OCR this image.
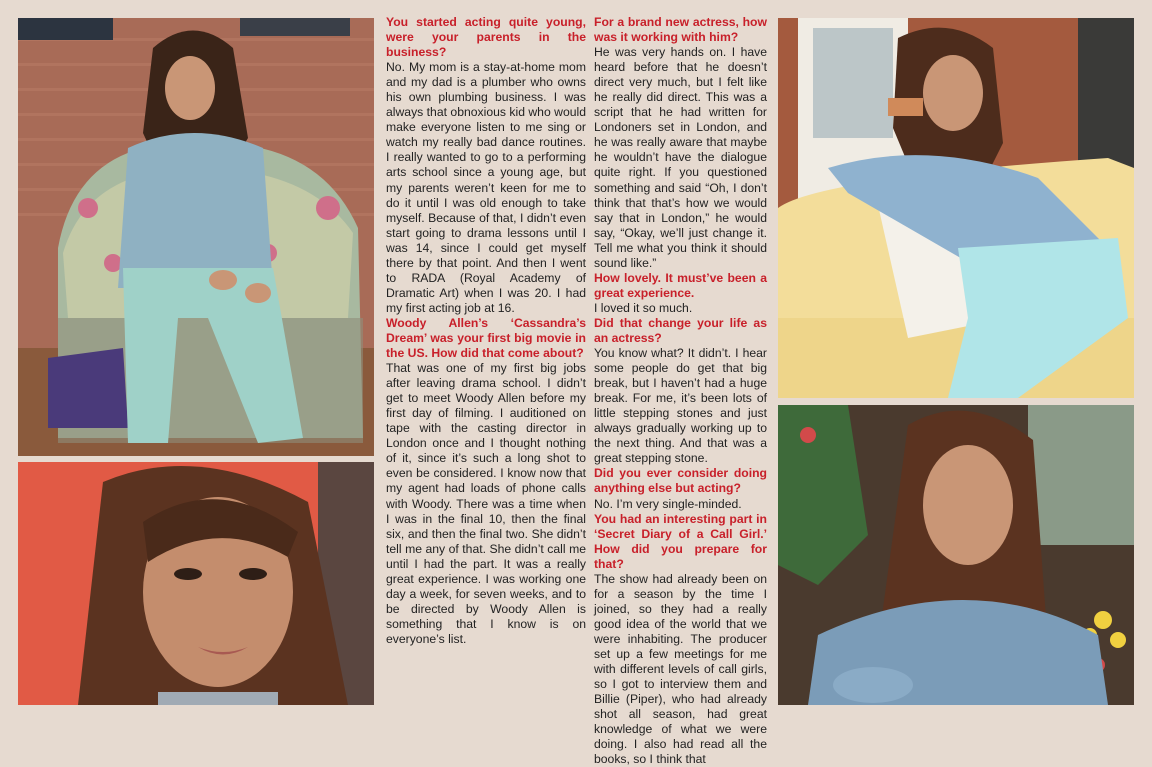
You started acting quite young, were your parents in the business?

No. My mom is a stay-at-home mom and my dad is a plumber who owns his own plumbing business. I was always that obnoxious kid who would make everyone listen to me sing or watch my really bad dance routines. I really wanted to go to a performing arts school since a young age, but my parents weren’t keen for me to do it until I was old enough to take myself. Because of that, I didn’t even start going to drama lessons until I was 14, since I could get myself there by that point. And then I went to RADA (Royal Academy of Dramatic Art) when I was 20. I had my first acting job at 16.

Woody Allen’s ‘Cassandra’s Dream’ was your first big movie in the US. How did that come about?

That was one of my first big jobs after leaving drama school. I didn’t get to meet Woody Allen before my first day of filming. I auditioned on tape with the casting director in London once and I thought nothing of it, since it’s such a long shot to even be considered. I know now that my agent had loads of phone calls with Woody. There was a time when I was in the final 10, then the final six, and then the final two. She didn’t tell me any of that. She didn’t call me until I had the part. It was a really great experience. I was working one day a week, for seven weeks, and to be directed by Woody Allen is something that I know is on everyone’s list.

For a brand new actress, how was it working with him?

He was very hands on. I have heard before that he doesn’t direct very much, but I felt like he really did direct. This was a script that he had written for Londoners set in London, and he was really aware that maybe he wouldn’t have the dialogue quite right. If you questioned something and said “Oh, I don’t think that that’s how we would say that in London,” he would say, “Okay, we’ll just change it. Tell me what you think it should sound like.”

How lovely. It must’ve been a great experience.

I loved it so much.

Did that change your life as an actress?

You know what? It didn’t. I hear some people do get that big break, but I haven’t had a huge break. For me, it’s been lots of little stepping stones and just always gradually working up to the next thing. And that was a great stepping stone.

Did you ever consider doing anything else but acting?

No. I’m very single-minded.

You had an interesting part in ‘Secret Diary of a Call Girl.’ How did you prepare for that?

The show had already been on for a season by the time I joined, so they had a really good idea of the world that we were inhabiting. The producer set up a few meetings for me with different levels of call girls, so I got to interview them and Billie (Piper), who had already shot all season, had great knowledge of what we were doing. I also had read all the books, so I think that
